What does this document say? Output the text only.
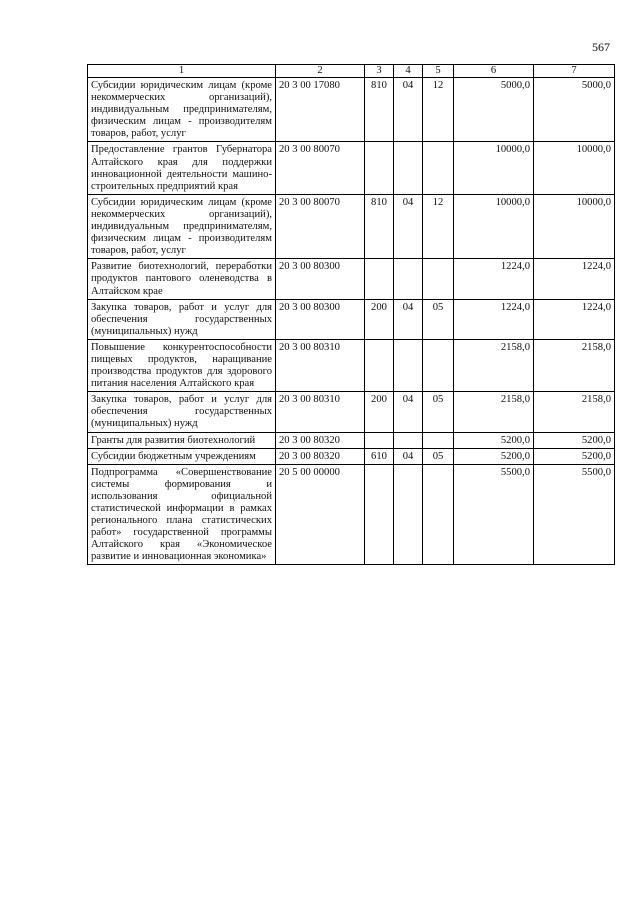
567
1	2	3	4	5	6	7
Субсидии юридическим лицам (кроме некоммерческих организаций), индивидуальным предпринимателям, физическим лицам - производителям товаров, работ, услуг	20 3 00 17080	810	04	12	5000,0	5000,0
Предоставление грантов Губернатора Алтайского края для поддержки инновационной деятельности машиностроительных предприятий края	20 3 00 80070				10000,0	10000,0
Субсидии юридическим лицам (кроме некоммерческих организаций), индивидуальным предпринимателям, физическим лицам - производителям товаров, работ, услуг	20 3 00 80070	810	04	12	10000,0	10000,0
Развитие биотехнологий, переработки продуктов пантового оленеводства в Алтайском крае	20 3 00 80300				1224,0	1224,0
Закупка товаров, работ и услуг для обеспечения государственных (муниципальных) нужд	20 3 00 80300	200	04	05	1224,0	1224,0
Повышение конкурентоспособности пищевых продуктов, наращивание производства продуктов для здорового питания населения Алтайского края	20 3 00 80310				2158,0	2158,0
Закупка товаров, работ и услуг для обеспечения государственных (муниципальных) нужд	20 3 00 80310	200	04	05	2158,0	2158,0
Гранты для развития биотехнологий	20 3 00 80320				5200,0	5200,0
Субсидии бюджетным учреждениям	20 3 00 80320	610	04	05	5200,0	5200,0
Подпрограмма «Совершенствование системы формирования и использования официальной статистической информации в рамках регионального плана статистических работ» государственной программы Алтайского края «Экономическое развитие и инновационная экономика»	20 5 00 00000				5500,0	5500,0
